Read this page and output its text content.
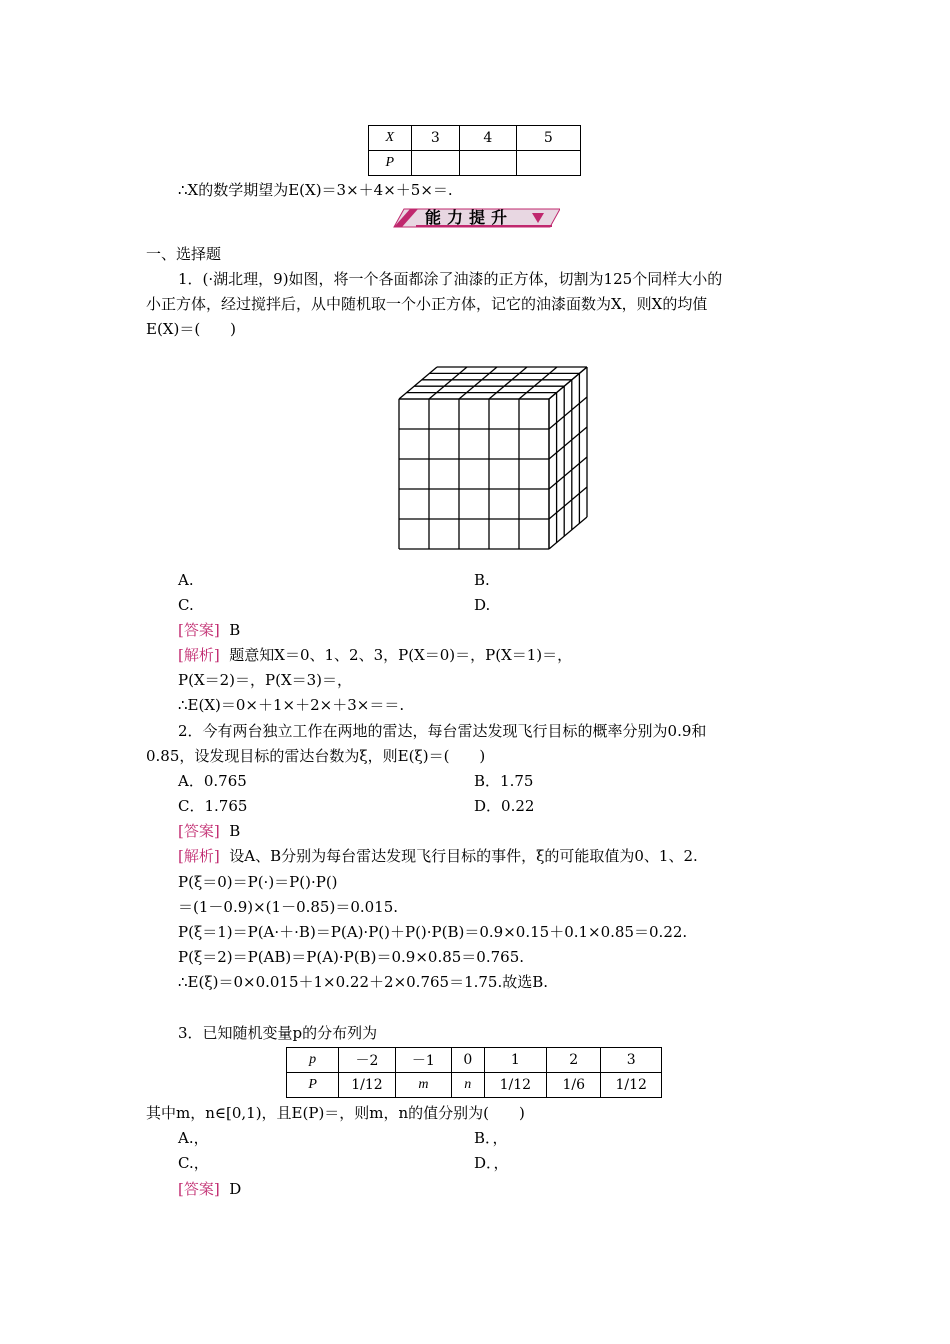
X	3	4	5
P			
∴X的数学期望为E(X)＝3×＋4×＋5×＝.
能力提升
一、选择题
1．(·湖北理，9)如图，将一个各面都涂了油漆的正方体，切割为125个同样大小的
小正方体，经过搅拌后，从中随机取一个小正方体，记它的油漆面数为X，则X的均值
E(X)＝(　　)
A.	B.
C.	D.
[答案] B
[解析] 题意知X＝0、1、2、3，P(X＝0)＝，P(X＝1)＝，
P(X＝2)＝，P(X＝3)＝，
∴E(X)＝0×＋1×＋2×＋3×＝＝.
2．今有两台独立工作在两地的雷达，每台雷达发现飞行目标的概率分别为0.9和
0.85，设发现目标的雷达台数为ξ，则E(ξ)＝(　　)
A．0.765	B．1.75
C．1.765	D．0.22
[答案] B
[解析] 设A、B分别为每台雷达发现飞行目标的事件，ξ的可能取值为0、1、2.
P(ξ＝0)＝P(·)＝P()·P()
＝(1－0.9)×(1－0.85)＝0.015.
P(ξ＝1)＝P(A·＋·B)＝P(A)·P()＋P()·P(B)＝0.9×0.15＋0.1×0.85＝0.22.
P(ξ＝2)＝P(AB)＝P(A)·P(B)＝0.9×0.85＝0.765.
∴E(ξ)＝0×0.015＋1×0.22＋2×0.765＝1.75.故选B.
3．已知随机变量p的分布列为
p	－2	－1	0	1	2	3
P	1/12	m	n	1/12	1/6	1/12
其中m，n∈[0,1)，且E(P)＝，则m，n的值分别为(　　)
A.，	B．，
C.，	D．，
[答案] D
